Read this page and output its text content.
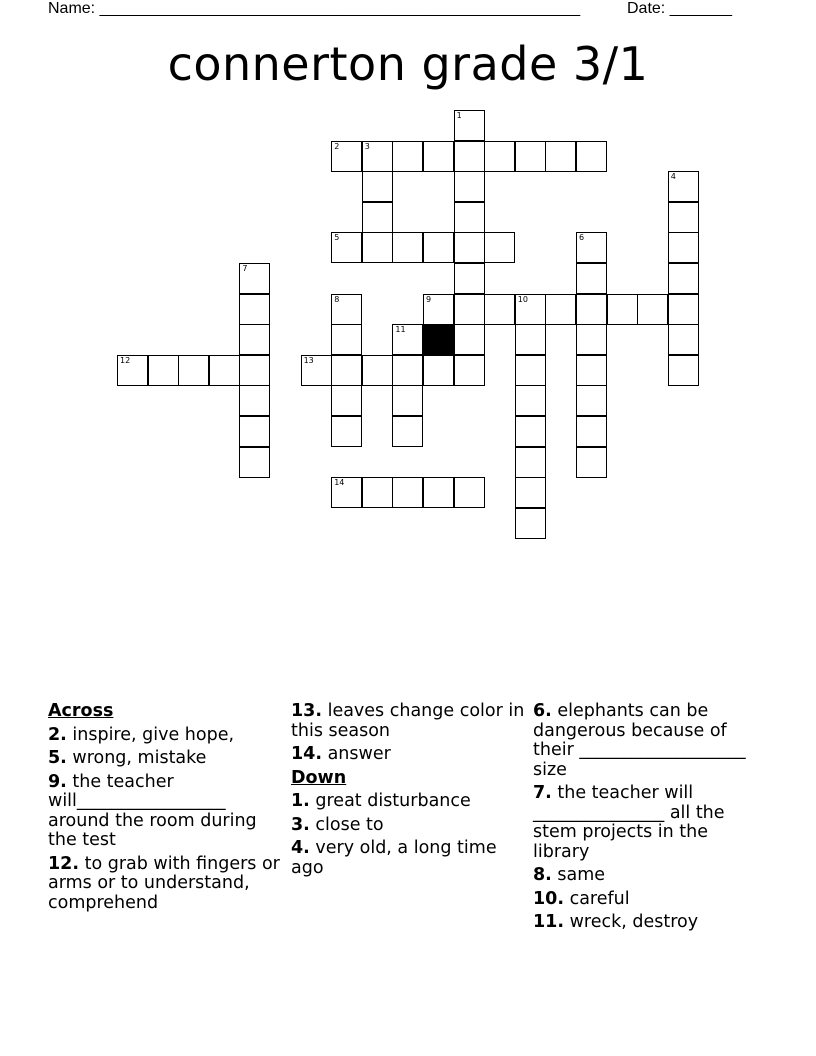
Name: ______________________________________________________	Date: _______
connerton grade 3/1
1
2	3
4
5	6
7
8	9	10
11
12	13
14
Across
2. inspire, give hope,
5. wrong, mistake
9. the teacher will_________________ around the room during the test
12. to grab with fingers or arms or to understand, comprehend
13. leaves change color in this season
14. answer
Down
1. great disturbance
3. close to
4. very old, a long time ago
6. elephants can be dangerous because of their ___________________ size
7. the teacher will _______________ all the stem projects in the library
8. same
10. careful
11. wreck, destroy
